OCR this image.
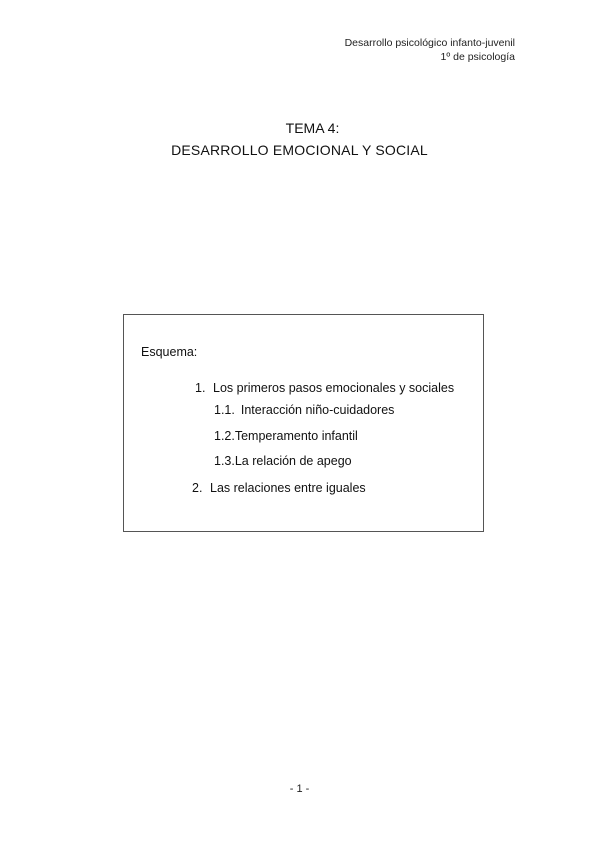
Desarrollo psicológico infanto-juvenil
1º de psicología
TEMA 4:
DESARROLLO EMOCIONAL Y SOCIAL
Esquema:
1. Los primeros pasos emocionales y sociales
1.1. Interacción niño-cuidadores
1.2.Temperamento infantil
1.3.La relación de apego
2. Las relaciones entre iguales
- 1 -
